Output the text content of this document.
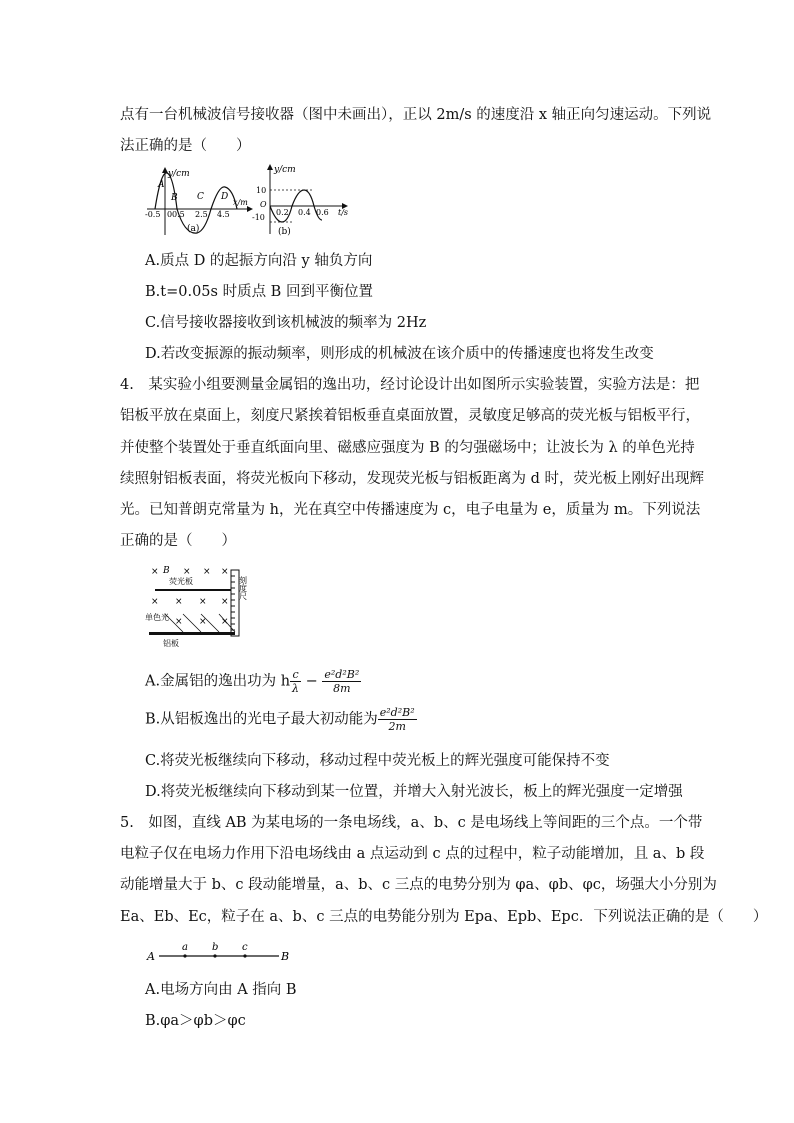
点有一台机械波信号接收器（图中未画出），正以 2m/s 的速度沿 x 轴正向匀速运动。下列说
法正确的是（　　）
y/cm
A
B C D
-0.5 0 0.5 2.5 4.5
x/m
(a)
y/cm
10
O
-10
0.2 0.4 0.6 t/s
(b)
A.质点 D 的起振方向沿 y 轴负方向
B.t=0.05s 时质点 B 回到平衡位置
C.信号接收器接收到该机械波的频率为 2Hz
D.若改变振源的振动频率，则形成的机械波在该介质中的传播速度也将发生改变
4.　某实验小组要测量金属铝的逸出功，经讨论设计出如图所示实验装置，实验方法是：把
铝板平放在桌面上，刻度尺紧挨着铝板垂直桌面放置，灵敏度足够高的荧光板与铝板平行，
并使整个装置处于垂直纸面向里、磁感应强度为 B 的匀强磁场中；让波长为 λ 的单色光持
续照射铝板表面，将荧光板向下移动，发现荧光板与铝板距离为 d 时，荧光板上刚好出现辉
光。已知普朗克常量为 h，光在真空中传播速度为 c，电子电量为 e，质量为 m。下列说法
正确的是（　　）
× B × × ×
荧光板
× × × ×
单色光 × × ×
铝板
刻度尺
A.金属铝的逸出功为 h $\frac{c}{\lambda} - \frac{\text{e²d²B²}}{8m}$
B.从铝板逸出的光电子最大初动能为 $\frac{\text{e²d²B²}}{2m}$
C.将荧光板继续向下移动，移动过程中荧光板上的辉光强度可能保持不变
D.将荧光板继续向下移动到某一位置，并增大入射光波长，板上的辉光强度一定增强
5.　如图，直线 AB 为某电场的一条电场线，a、b、c 是电场线上等间距的三个点。一个带
电粒子仅在电场力作用下沿电场线由 a 点运动到 c 点的过程中，粒子动能增加，且 a、b 段
动能增量大于 b、c 段动能增量，a、b、c 三点的电势分别为 φa、φb、φc，场强大小分别为
Ea、Eb、Ec，粒子在 a、b、c 三点的电势能分别为 Epa、Epb、Epc．下列说法正确的是（　　）
A	B
a b c
A.电场方向由 A 指向 B
B.φa＞φb＞φc
